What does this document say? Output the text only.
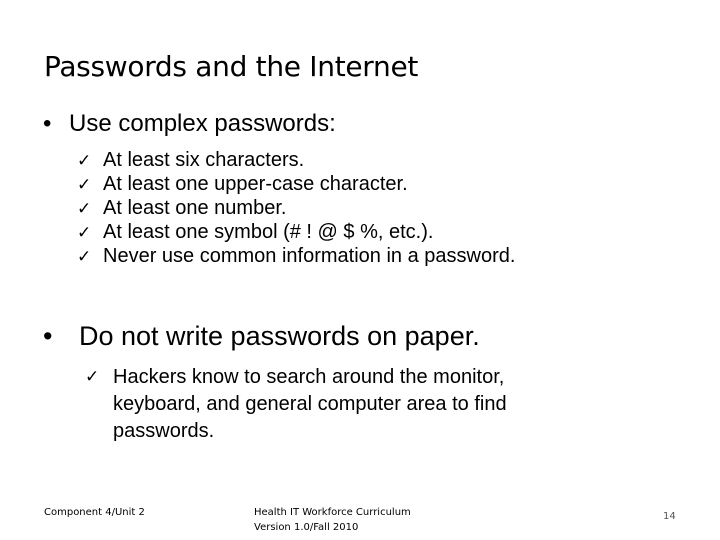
Passwords and the Internet
• Use complex passwords:
✓ At least six characters.
✓ At least one upper-case character.
✓ At least one number.
✓ At least one symbol (# ! @ $ %, etc.).
✓ Never use common information in a password.
• Do not write passwords on paper.
✓ Hackers know to search around the monitor, keyboard, and general computer area to find passwords.
Component 4/Unit 2	Health IT Workforce Curriculum
Version 1.0/Fall 2010
14
